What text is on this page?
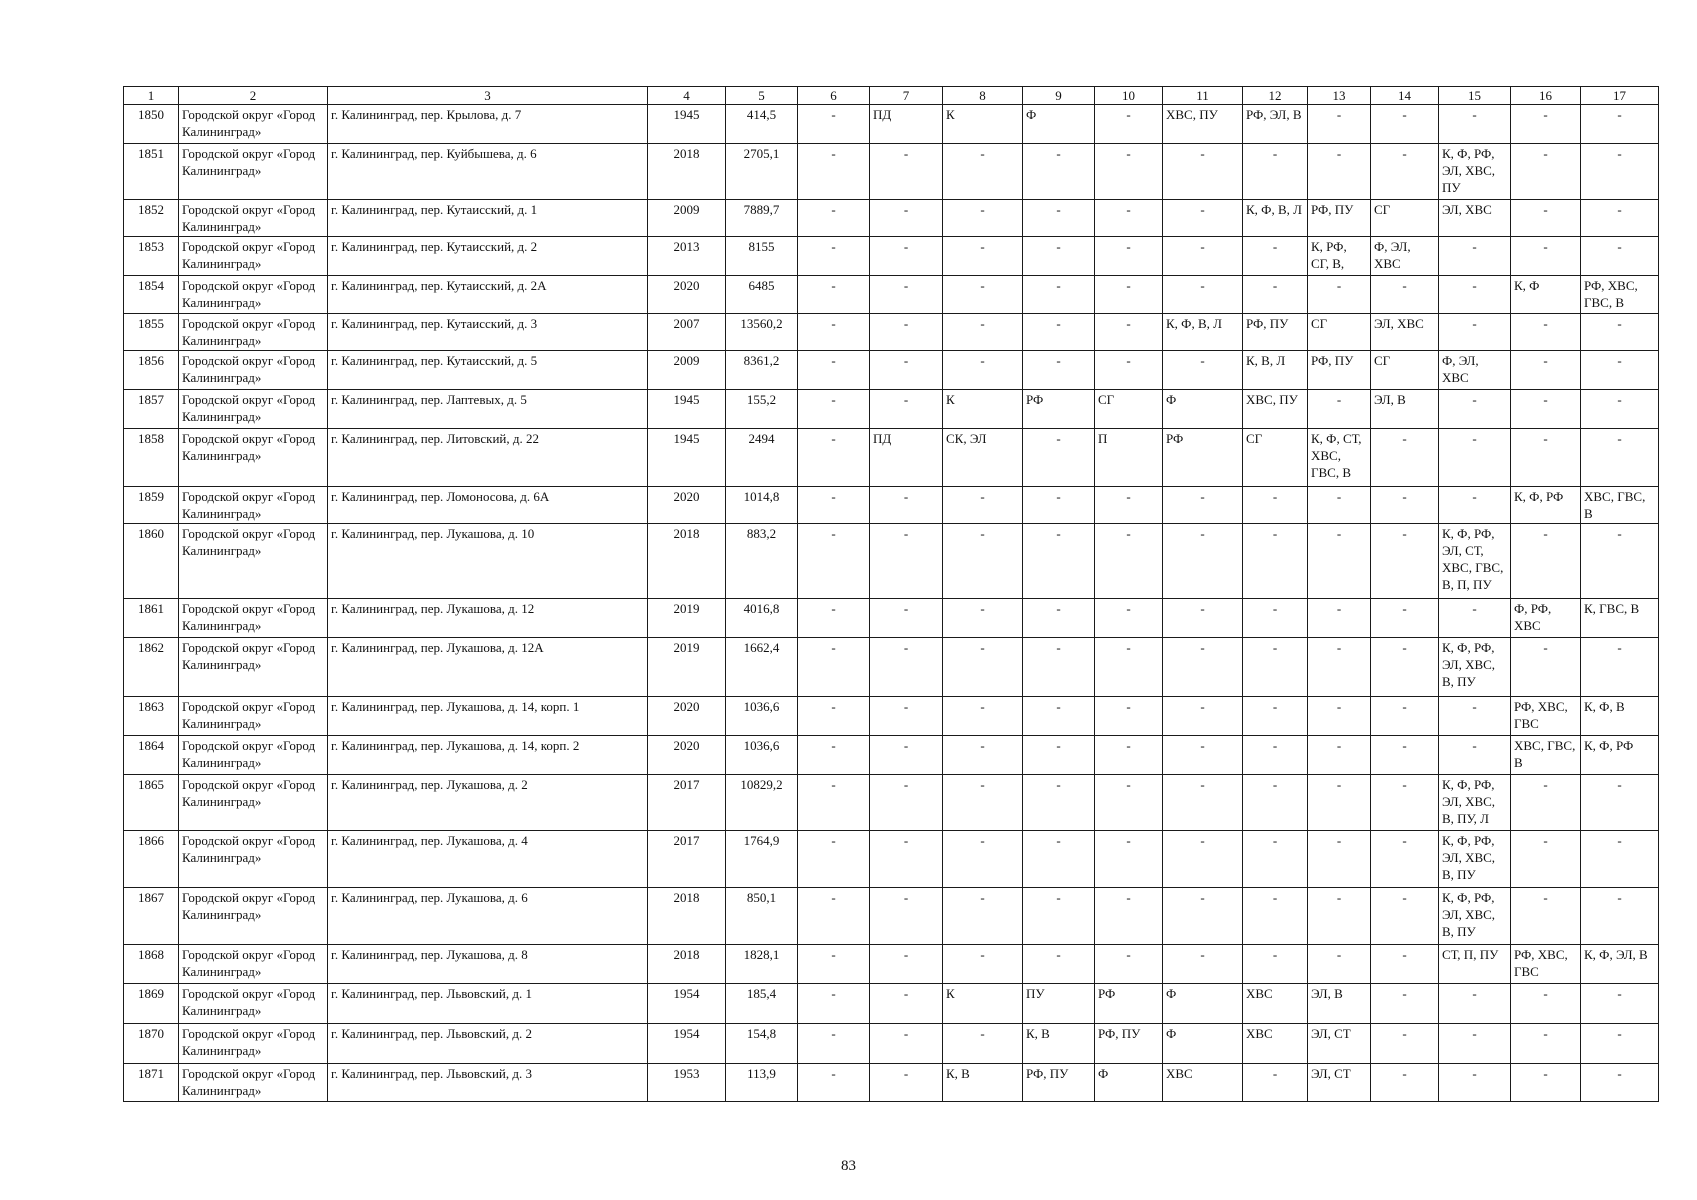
1	2	3	4	5	6	7	8	9	10	11	12	13	14	15	16	17
1850	Городской округ «Город Калининград»	г. Калининград, пер. Крылова, д. 7	1945	414,5	-	ПД	К	Ф	-	ХВС, ПУ	РФ, ЭЛ, В	-	-	-	-	-
1851	Городской округ «Город Калининград»	г. Калининград, пер. Куйбышева, д. 6	2018	2705,1	-	-	-	-	-	-	-	-	-	К, Ф, РФ, ЭЛ, ХВС, ПУ	-	-
1852	Городской округ «Город Калининград»	г. Калининград, пер. Кутаисский, д. 1	2009	7889,7	-	-	-	-	-	-	К, Ф, В, Л	РФ, ПУ	СГ	ЭЛ, ХВС	-	-
1853	Городской округ «Город Калининград»	г. Калининград, пер. Кутаисский, д. 2	2013	8155	-	-	-	-	-	-	-	К, РФ, СГ, В,	Ф, ЭЛ, ХВС	-	-	-
1854	Городской округ «Город Калининград»	г. Калининград, пер. Кутаисский, д. 2А	2020	6485	-	-	-	-	-	-	-	-	-	-	К, Ф	РФ, ХВС, ГВС, В
1855	Городской округ «Город Калининград»	г. Калининград, пер. Кутаисский, д. 3	2007	13560,2	-	-	-	-	-	К, Ф, В, Л	РФ, ПУ	СГ	ЭЛ, ХВС	-	-	-
1856	Городской округ «Город Калининград»	г. Калининград, пер. Кутаисский, д. 5	2009	8361,2	-	-	-	-	-	-	К, В, Л	РФ, ПУ	СГ	Ф, ЭЛ, ХВС	-	-
1857	Городской округ «Город Калининград»	г. Калининград, пер. Лаптевых, д. 5	1945	155,2	-	-	К	РФ	СГ	Ф	ХВС, ПУ	-	ЭЛ, В	-	-	-
1858	Городской округ «Город Калининград»	г. Калининград, пер. Литовский, д. 22	1945	2494	-	ПД	СК, ЭЛ	-	П	РФ	СГ	К, Ф, СТ, ХВС, ГВС, В	-	-	-	-
1859	Городской округ «Город Калининград»	г. Калининград, пер. Ломоносова, д. 6А	2020	1014,8	-	-	-	-	-	-	-	-	-	-	К, Ф, РФ	ХВС, ГВС, В
1860	Городской округ «Город Калининград»	г. Калининград, пер. Лукашова, д. 10	2018	883,2	-	-	-	-	-	-	-	-	-	К, Ф, РФ, ЭЛ, СТ, ХВС, ГВС, В, П, ПУ	-	-
1861	Городской округ «Город Калининград»	г. Калининград, пер. Лукашова, д. 12	2019	4016,8	-	-	-	-	-	-	-	-	-	-	Ф, РФ, ХВС	К, ГВС, В
1862	Городской округ «Город Калининград»	г. Калининград, пер. Лукашова, д. 12А	2019	1662,4	-	-	-	-	-	-	-	-	-	К, Ф, РФ, ЭЛ, ХВС, В, ПУ	-	-
1863	Городской округ «Город Калининград»	г. Калининград, пер. Лукашова, д. 14, корп. 1	2020	1036,6	-	-	-	-	-	-	-	-	-	-	РФ, ХВС, ГВС	К, Ф, В
1864	Городской округ «Город Калининград»	г. Калининград, пер. Лукашова, д. 14, корп. 2	2020	1036,6	-	-	-	-	-	-	-	-	-	-	ХВС, ГВС, В	К, Ф, РФ
1865	Городской округ «Город Калининград»	г. Калининград, пер. Лукашова, д. 2	2017	10829,2	-	-	-	-	-	-	-	-	-	К, Ф, РФ, ЭЛ, ХВС, В, ПУ, Л	-	-
1866	Городской округ «Город Калининград»	г. Калининград, пер. Лукашова, д. 4	2017	1764,9	-	-	-	-	-	-	-	-	-	К, Ф, РФ, ЭЛ, ХВС, В, ПУ	-	-
1867	Городской округ «Город Калининград»	г. Калининград, пер. Лукашова, д. 6	2018	850,1	-	-	-	-	-	-	-	-	-	К, Ф, РФ, ЭЛ, ХВС, В, ПУ	-	-
1868	Городской округ «Город Калининград»	г. Калининград, пер. Лукашова, д. 8	2018	1828,1	-	-	-	-	-	-	-	-	-	СТ, П, ПУ	РФ, ХВС, ГВС	К, Ф, ЭЛ, В
1869	Городской округ «Город Калининград»	г. Калининград, пер. Львовский, д. 1	1954	185,4	-	-	К	ПУ	РФ	Ф	ХВС	ЭЛ, В	-	-	-	-
1870	Городской округ «Город Калининград»	г. Калининград, пер. Львовский, д. 2	1954	154,8	-	-	-	К, В	РФ, ПУ	Ф	ХВС	ЭЛ, СТ	-	-	-	-
1871	Городской округ «Город Калининград»	г. Калининград, пер. Львовский, д. 3	1953	113,9	-	-	К, В	РФ, ПУ	Ф	ХВС	-	ЭЛ, СТ	-	-	-	-
83
